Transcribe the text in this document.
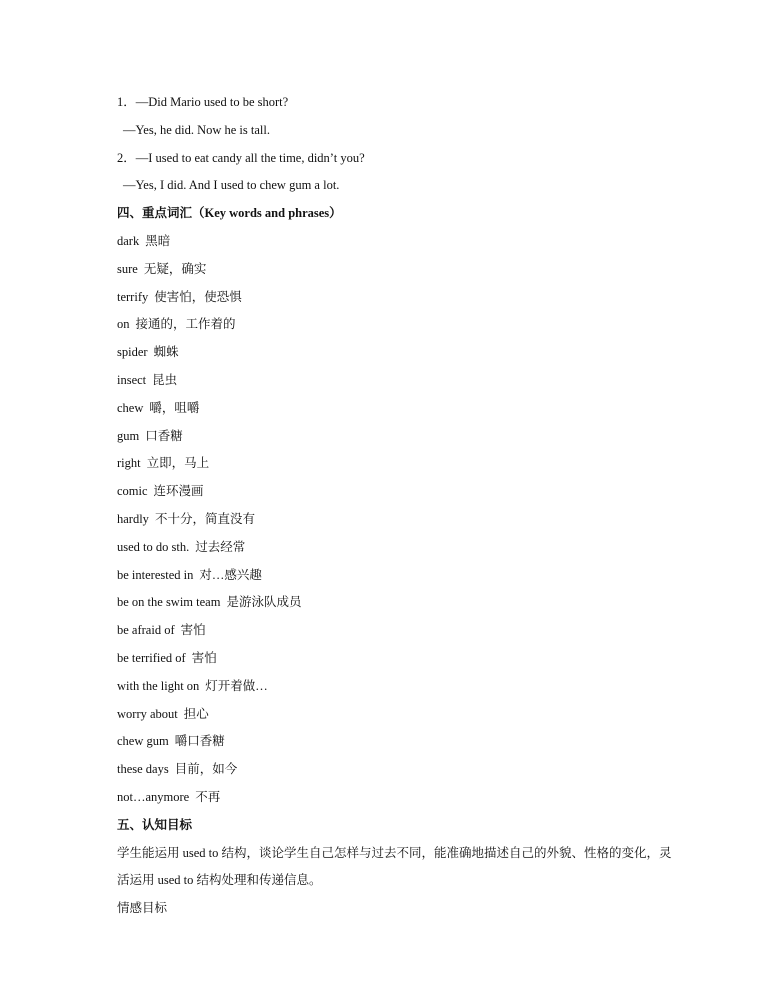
1．—Did Mario used to be short?
—Yes, he did. Now he is tall.
2．—I used to eat candy all the time, didn’t you?
—Yes, I did. And I used to chew gum a lot.
四、重点词汇（Key words and phrases）
dark 黑暗
sure 无疑，确实
terrify 使害怕，使恐惧
on 接通的，工作着的
spider 蜘蛛
insect 昆虫
chew 嚼，咀嚼
gum 口香糖
right 立即，马上
comic 连环漫画
hardly 不十分，简直没有
used to do sth. 过去经常
be interested in 对…感兴趣
be on the swim team 是游泳队成员
be afraid of 害怕
be terrified of 害怕
with the light on 灯开着做…
worry about 担心
chew gum 嚼口香糖
these days 目前，如今
not…anymore 不再
五、认知目标
学生能运用 used to 结构，谈论学生自己怎样与过去不同，能准确地描述自己的外貌、性格的变化，灵活运用 used to 结构处理和传递信息。
情感目标
